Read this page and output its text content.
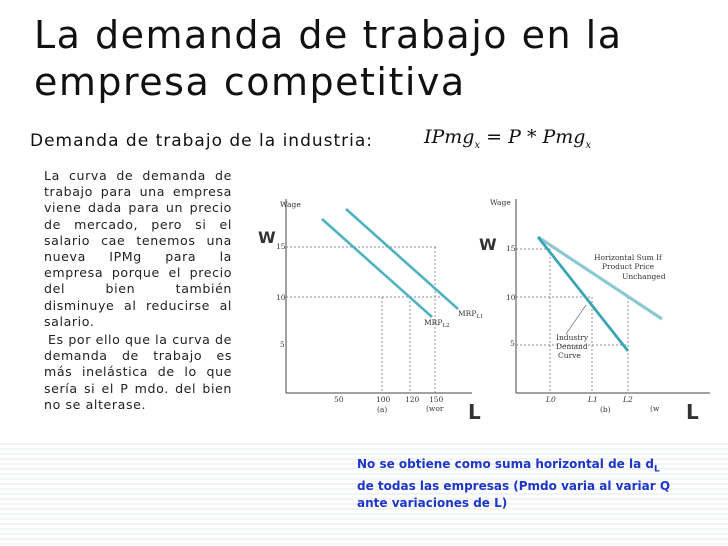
La demanda de trabajo en la empresa competitiva
Demanda de trabajo de la industria:	IPmg$_x$ = P * Pmg$_x$

La curva de demanda de trabajo para una empresa viene dada para un precio de mercado, pero si el salario cae tenemos una nueva IPMg para la empresa porque el precio del bien también disminuye al reducirse al salario.

Es por ello que la curva de demanda de trabajo es más inelástica de lo que sería si el P mdo. del bien no se alterase.

W
Wage
15
10
5
$MRP_{L1}$
$MRP_{L2}$
50	100 120 150
(a)	(wor L
W
Wage
15
10
5
Horizontal Sum If
Product Price
Unchanged
Industry
Demand
Curve
L0	L1	L2
(b)	(w L
No se obtiene como suma horizontal de la $d_L$
de todas las empresas (Pmdo varia al variar Q
ante variaciones de L)
